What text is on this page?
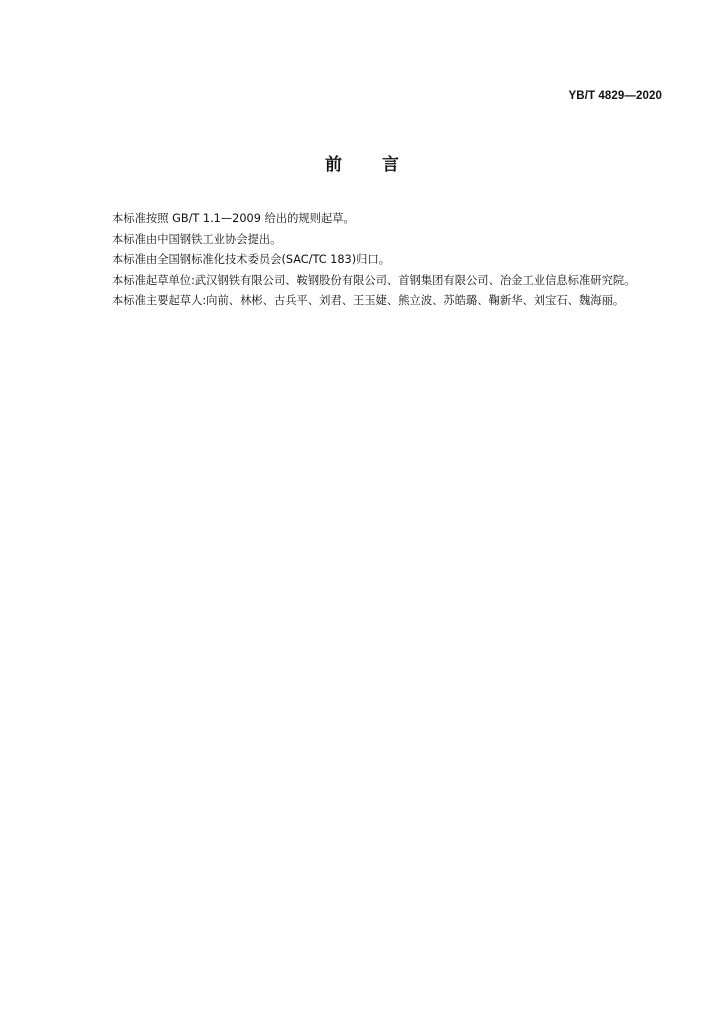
YB/T 4829—2020
前 言

本标准按照 GB/T 1.1—2009 给出的规则起草。

本标准由中国钢铁工业协会提出。

本标准由全国钢标准化技术委员会(SAC/TC 183)归口。

本标准起草单位:武汉钢铁有限公司、鞍钢股份有限公司、首钢集团有限公司、冶金工业信息标准研究院。

本标准主要起草人:向前、林彬、古兵平、刘君、王玉婕、熊立波、苏皓璐、鞠新华、刘宝石、魏海丽。
